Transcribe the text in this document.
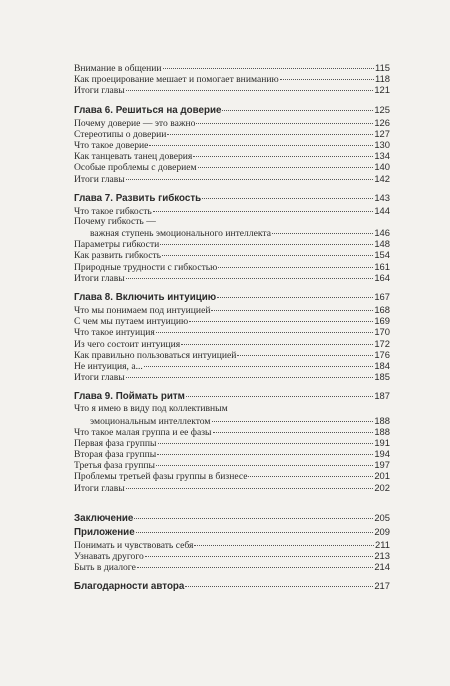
Внимание в общении	115
Как проецирование мешает и помогает вниманию	118
Итоги главы	121
Глава 6. Решиться на доверие	125
Почему доверие — это важно	126
Стереотипы о доверии	127
Что такое доверие	130
Как танцевать танец доверия	134
Особые проблемы с доверием	140
Итоги главы	142
Глава 7. Развить гибкость	143
Что такое гибкость	144
Почему гибкость —
важная ступень эмоционального интеллекта	146
Параметры гибкости	148
Как развить гибкость	154
Природные трудности с гибкостью	161
Итоги главы	164
Глава 8. Включить интуицию	167
Что мы понимаем под интуицией	168
С чем мы путаем интуицию	169
Что такое интуиция	170
Из чего состоит интуиция	172
Как правильно пользоваться интуицией	176
Не интуиция, а...	184
Итоги главы	185
Глава 9. Поймать ритм	187
Что я имею в виду под коллективным
эмоциональным интеллектом	188
Что такое малая группа и ее фазы	188
Первая фаза группы	191
Вторая фаза группы	194
Третья фаза группы	197
Проблемы третьей фазы группы в бизнесе	201
Итоги главы	202
Заключение	205
Приложение	209
Понимать и чувствовать себя	211
Узнавать другого	213
Быть в диалоге	214
Благодарности автора	217
